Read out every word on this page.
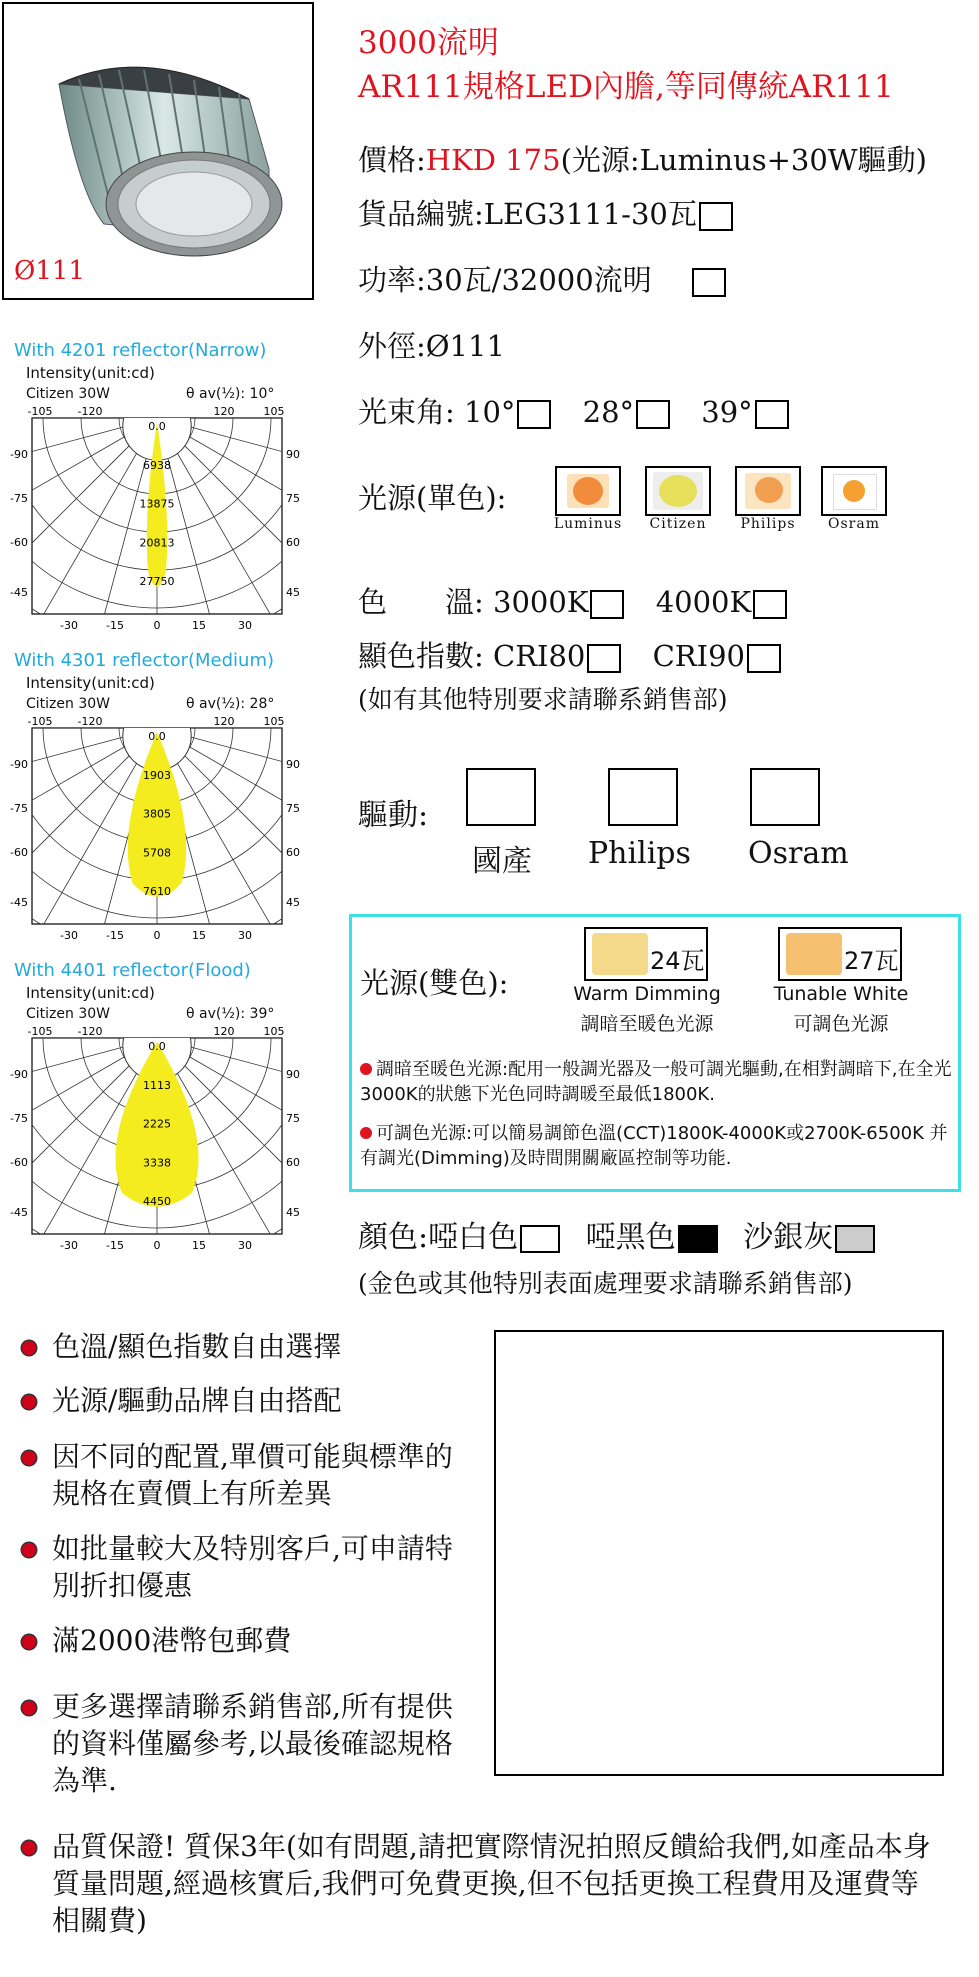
Ø111
3000流明
AR111規格LED內膽,等同傳統AR111
價格:HKD 175(光源:Luminus+30W驅動)
貨品編號:LEG3111-30瓦
功率:30瓦/32000流明
外徑:Ø111
光束角: 10° 28° 39°
光源(單色):
Luminus	Citizen	Philips	Osram
色 溫: 3000K 4000K
顯色指數: CRI80 CRI90
(如有其他特別要求請聯系銷售部)
驅動:
國產 Philips Osram
光源(雙色):
24瓦
Warm Dimming
調暗至暖色光源
27瓦
Tunable White
可調色光源
調暗至暖色光源:配用一般調光器及一般可調光驅動,在相對調暗下,在全光3000K的狀態下光色同時調暖至最低1800K.
可調色光源:可以簡易調節色溫(CCT)1800K-4000K或2700K-6500K 并有調光(Dimming)及時間開關廠區控制等功能.
顏色:啞白色 啞黑色 沙銀灰
(金色或其他特別表面處理要求請聯系銷售部)
With 4201 reflector(Narrow)
Intensity(unit:cd)
Citizen 30W	θ av(½): 10°
0.0
6938
13875
20813
27750
-105 -120	120	105
-90
-75
-60
-45
90
75
60
45
-30	-15	0	15	30
With 4301 reflector(Medium)
Intensity(unit:cd)
Citizen 30W	θ av(½): 28°
0.0
1903
3805
5708
7610
-105 -120	120	105
-90
-75
-60
-45
90
75
60
45
-30	-15	0	15	30
With 4401 reflector(Flood)
Intensity(unit:cd)
Citizen 30W	θ av(½): 39°
0.0
1113
2225
3338
4450
-105 -120	120	105
-90
-75
-60
-45
90
75
60
45
-30	-15	0	15	30
色溫/顯色指數自由選擇
光源/驅動品牌自由搭配
因不同的配置,單價可能與標準的規格在賣價上有所差異
如批量較大及特別客戶,可申請特別折扣優惠
滿2000港幣包郵費
更多選擇請聯系銷售部,所有提供的資料僅屬參考,以最後確認規格為準.
品質保證! 質保3年(如有問題,請把實際情況拍照反饋給我們,如產品本身質量問題,經過核實后,我們可免費更換,但不包括更換工程費用及運費等相關費)
